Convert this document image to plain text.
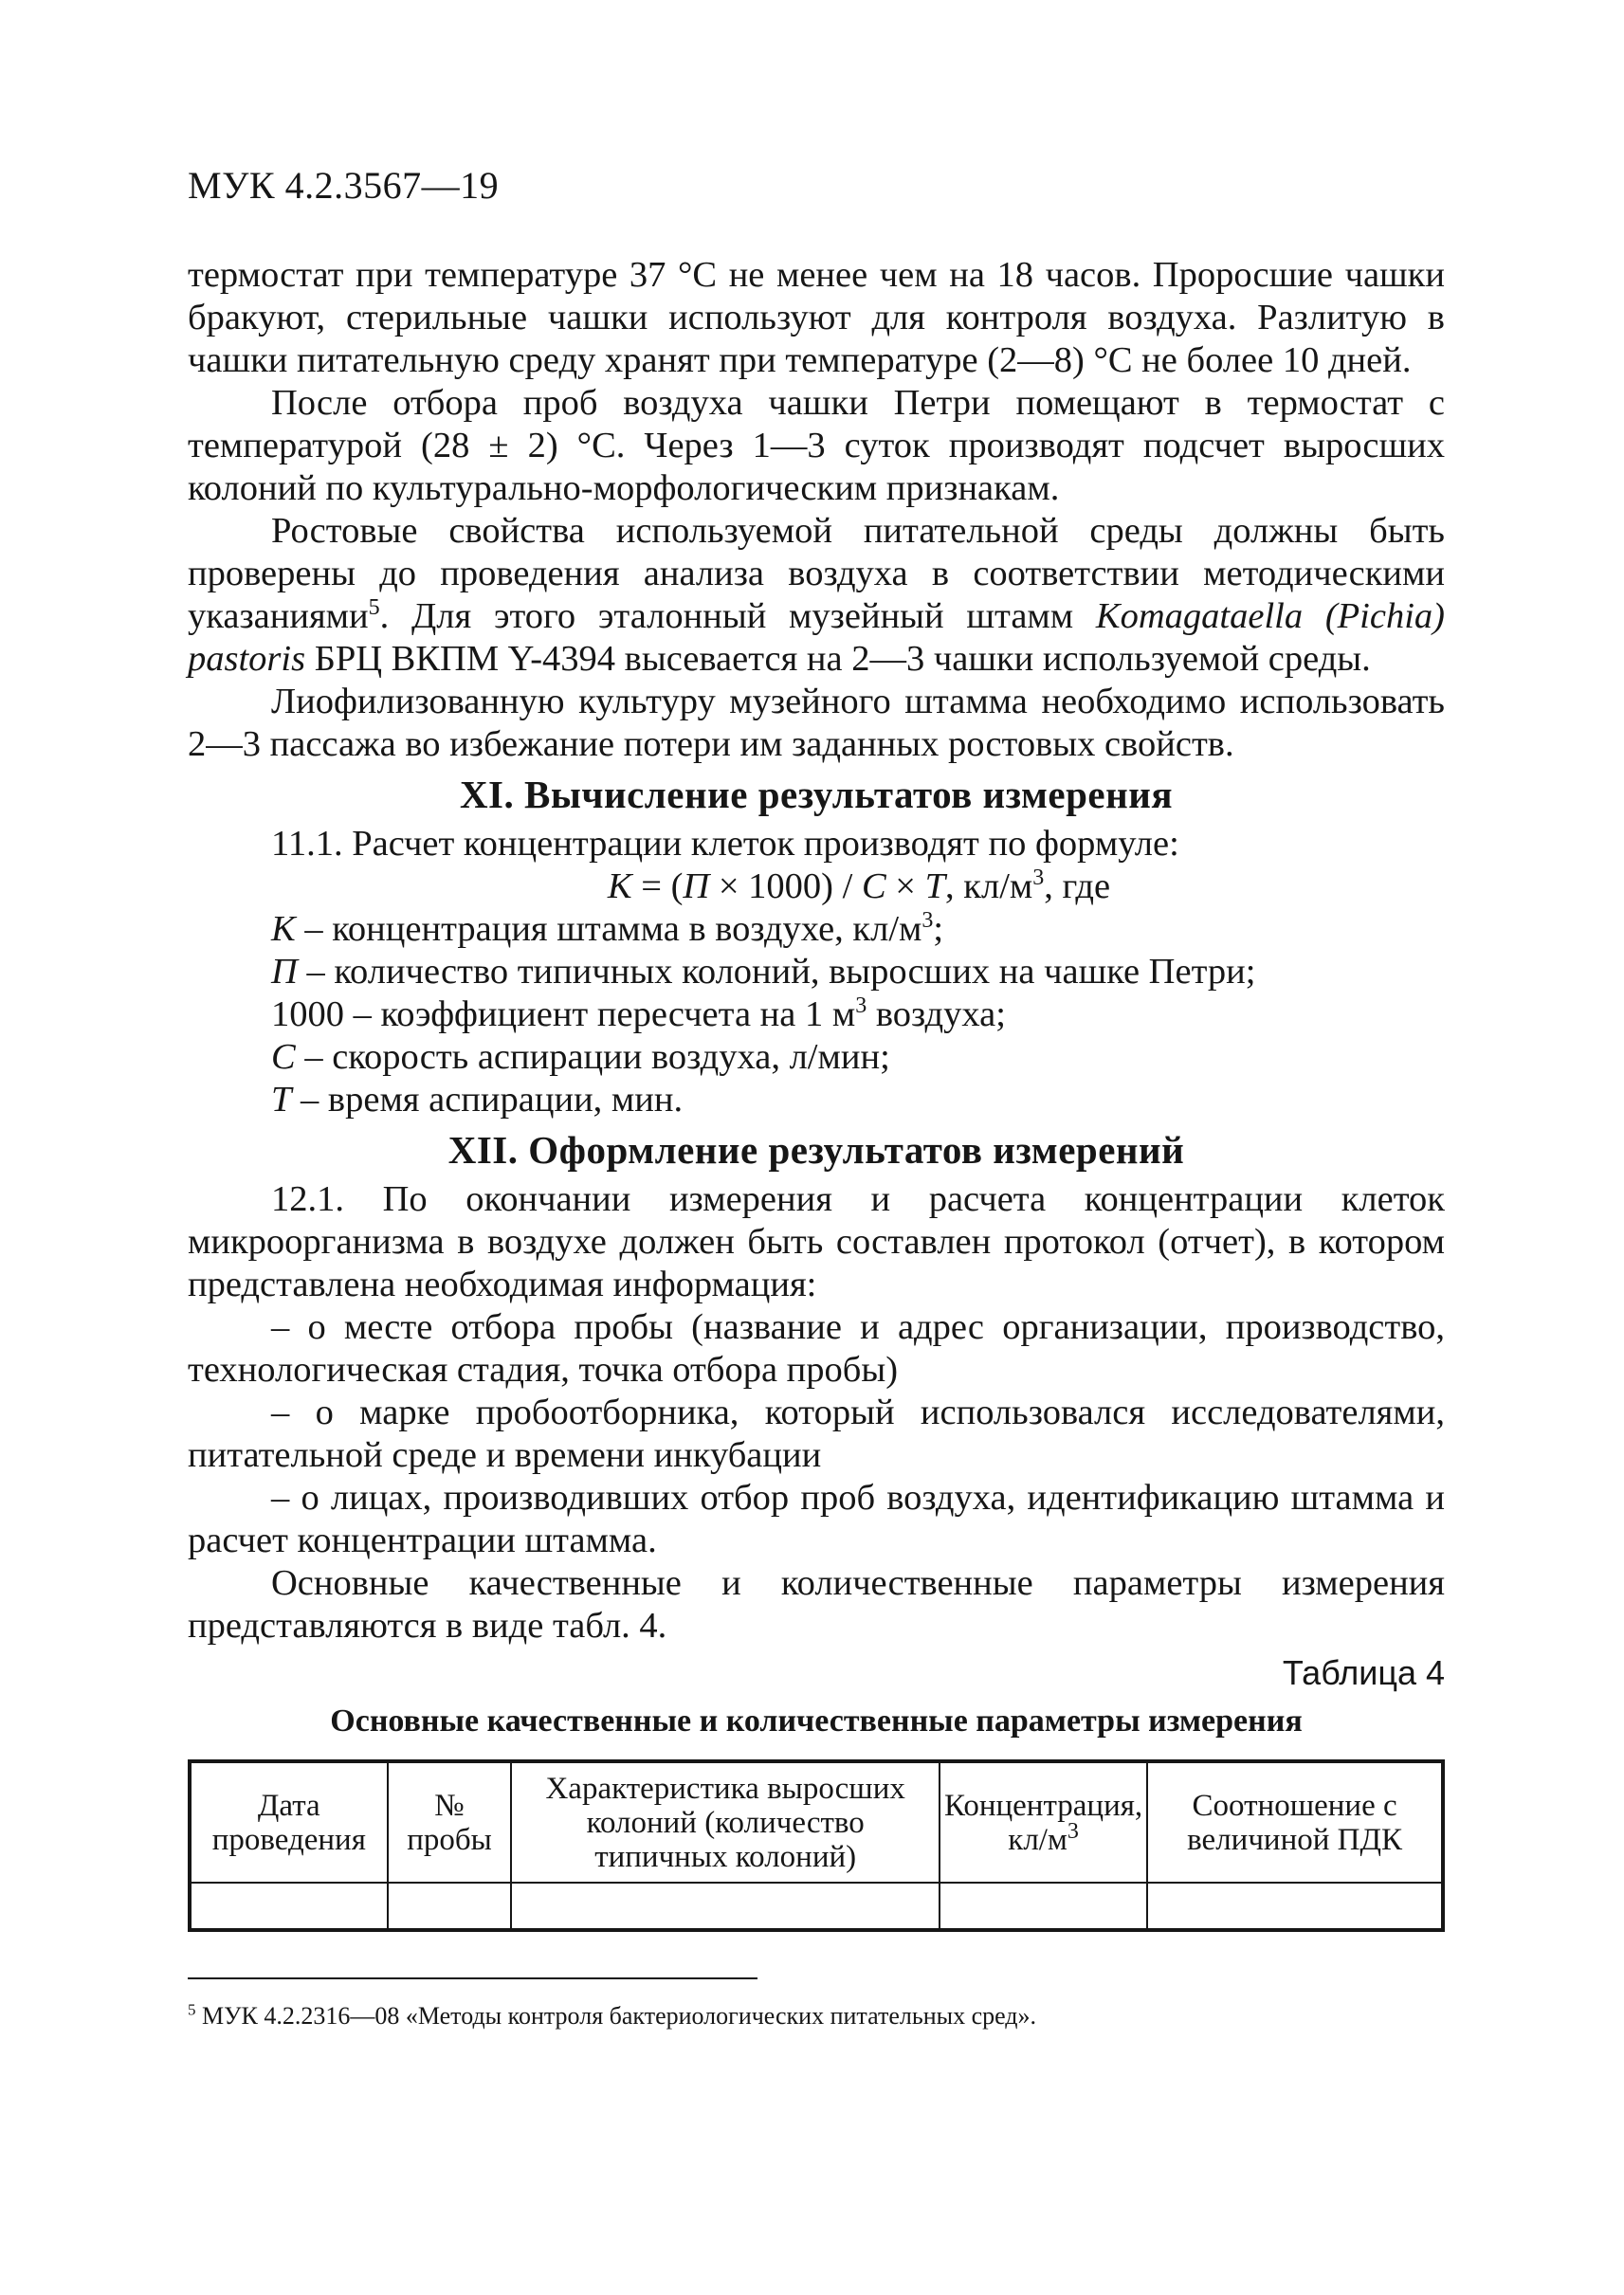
МУК 4.2.3567—19

термостат при температуре 37 °С не менее чем на 18 часов. Проросшие чашки бракуют, стерильные чашки используют для контроля воздуха. Разлитую в чашки питательную среду хранят при температуре (2—8) °С не более 10 дней.

После отбора проб воздуха чашки Петри помещают в термостат с температурой (28 ± 2) °С. Через 1—3 суток производят подсчет выросших колоний по культурально-морфологическим признакам.

Ростовые свойства используемой питательной среды должны быть проверены до проведения анализа воздуха в соответствии методическими указаниями$^5$. Для этого эталонный музейный штамм Komagataella (Pichia) pastoris БРЦ ВКПМ Y-4394 высевается на 2—3 чашки используемой среды.

Лиофилизованную культуру музейного штамма необходимо использовать 2—3 пассажа во избежание потери им заданных ростовых свойств.

XI. Вычисление результатов измерения

11.1. Расчет концентрации клеток производят по формуле:

K = (П × 1000) / C × T, $кл/м^3$, где
K – концентрация штамма в воздухе, $кл/м^3$;
П – количество типичных колоний, выросших на чашке Петри;
1000 – коэффициент пересчета на 1 $м^3$ воздуха;
C – скорость аспирации воздуха, л/мин;
T – время аспирации, мин.
XII. Оформление результатов измерений

12.1. По окончании измерения и расчета концентрации клеток микроорганизма в воздухе должен быть составлен протокол (отчет), в котором представлена необходимая информация:

– о месте отбора пробы (название и адрес организации, производство, технологическая стадия, точка отбора пробы)

– о марке пробоотборника, который использовался исследователями, питательной среде и времени инкубации

– о лицах, производивших отбор проб воздуха, идентификацию штамма и расчет концентрации штамма.

Основные качественные и количественные параметры измерения представляются в виде табл. 4.

Таблица 4
Основные качественные и количественные параметры измерения
Дата проведения	№ пробы	Характеристика выросших колоний (количество типичных колоний)	Концентрация, $кл/м^3$	Соотношение с величиной ПДК

$^5$ МУК 4.2.2316—08 «Методы контроля бактериологических питательных сред».
